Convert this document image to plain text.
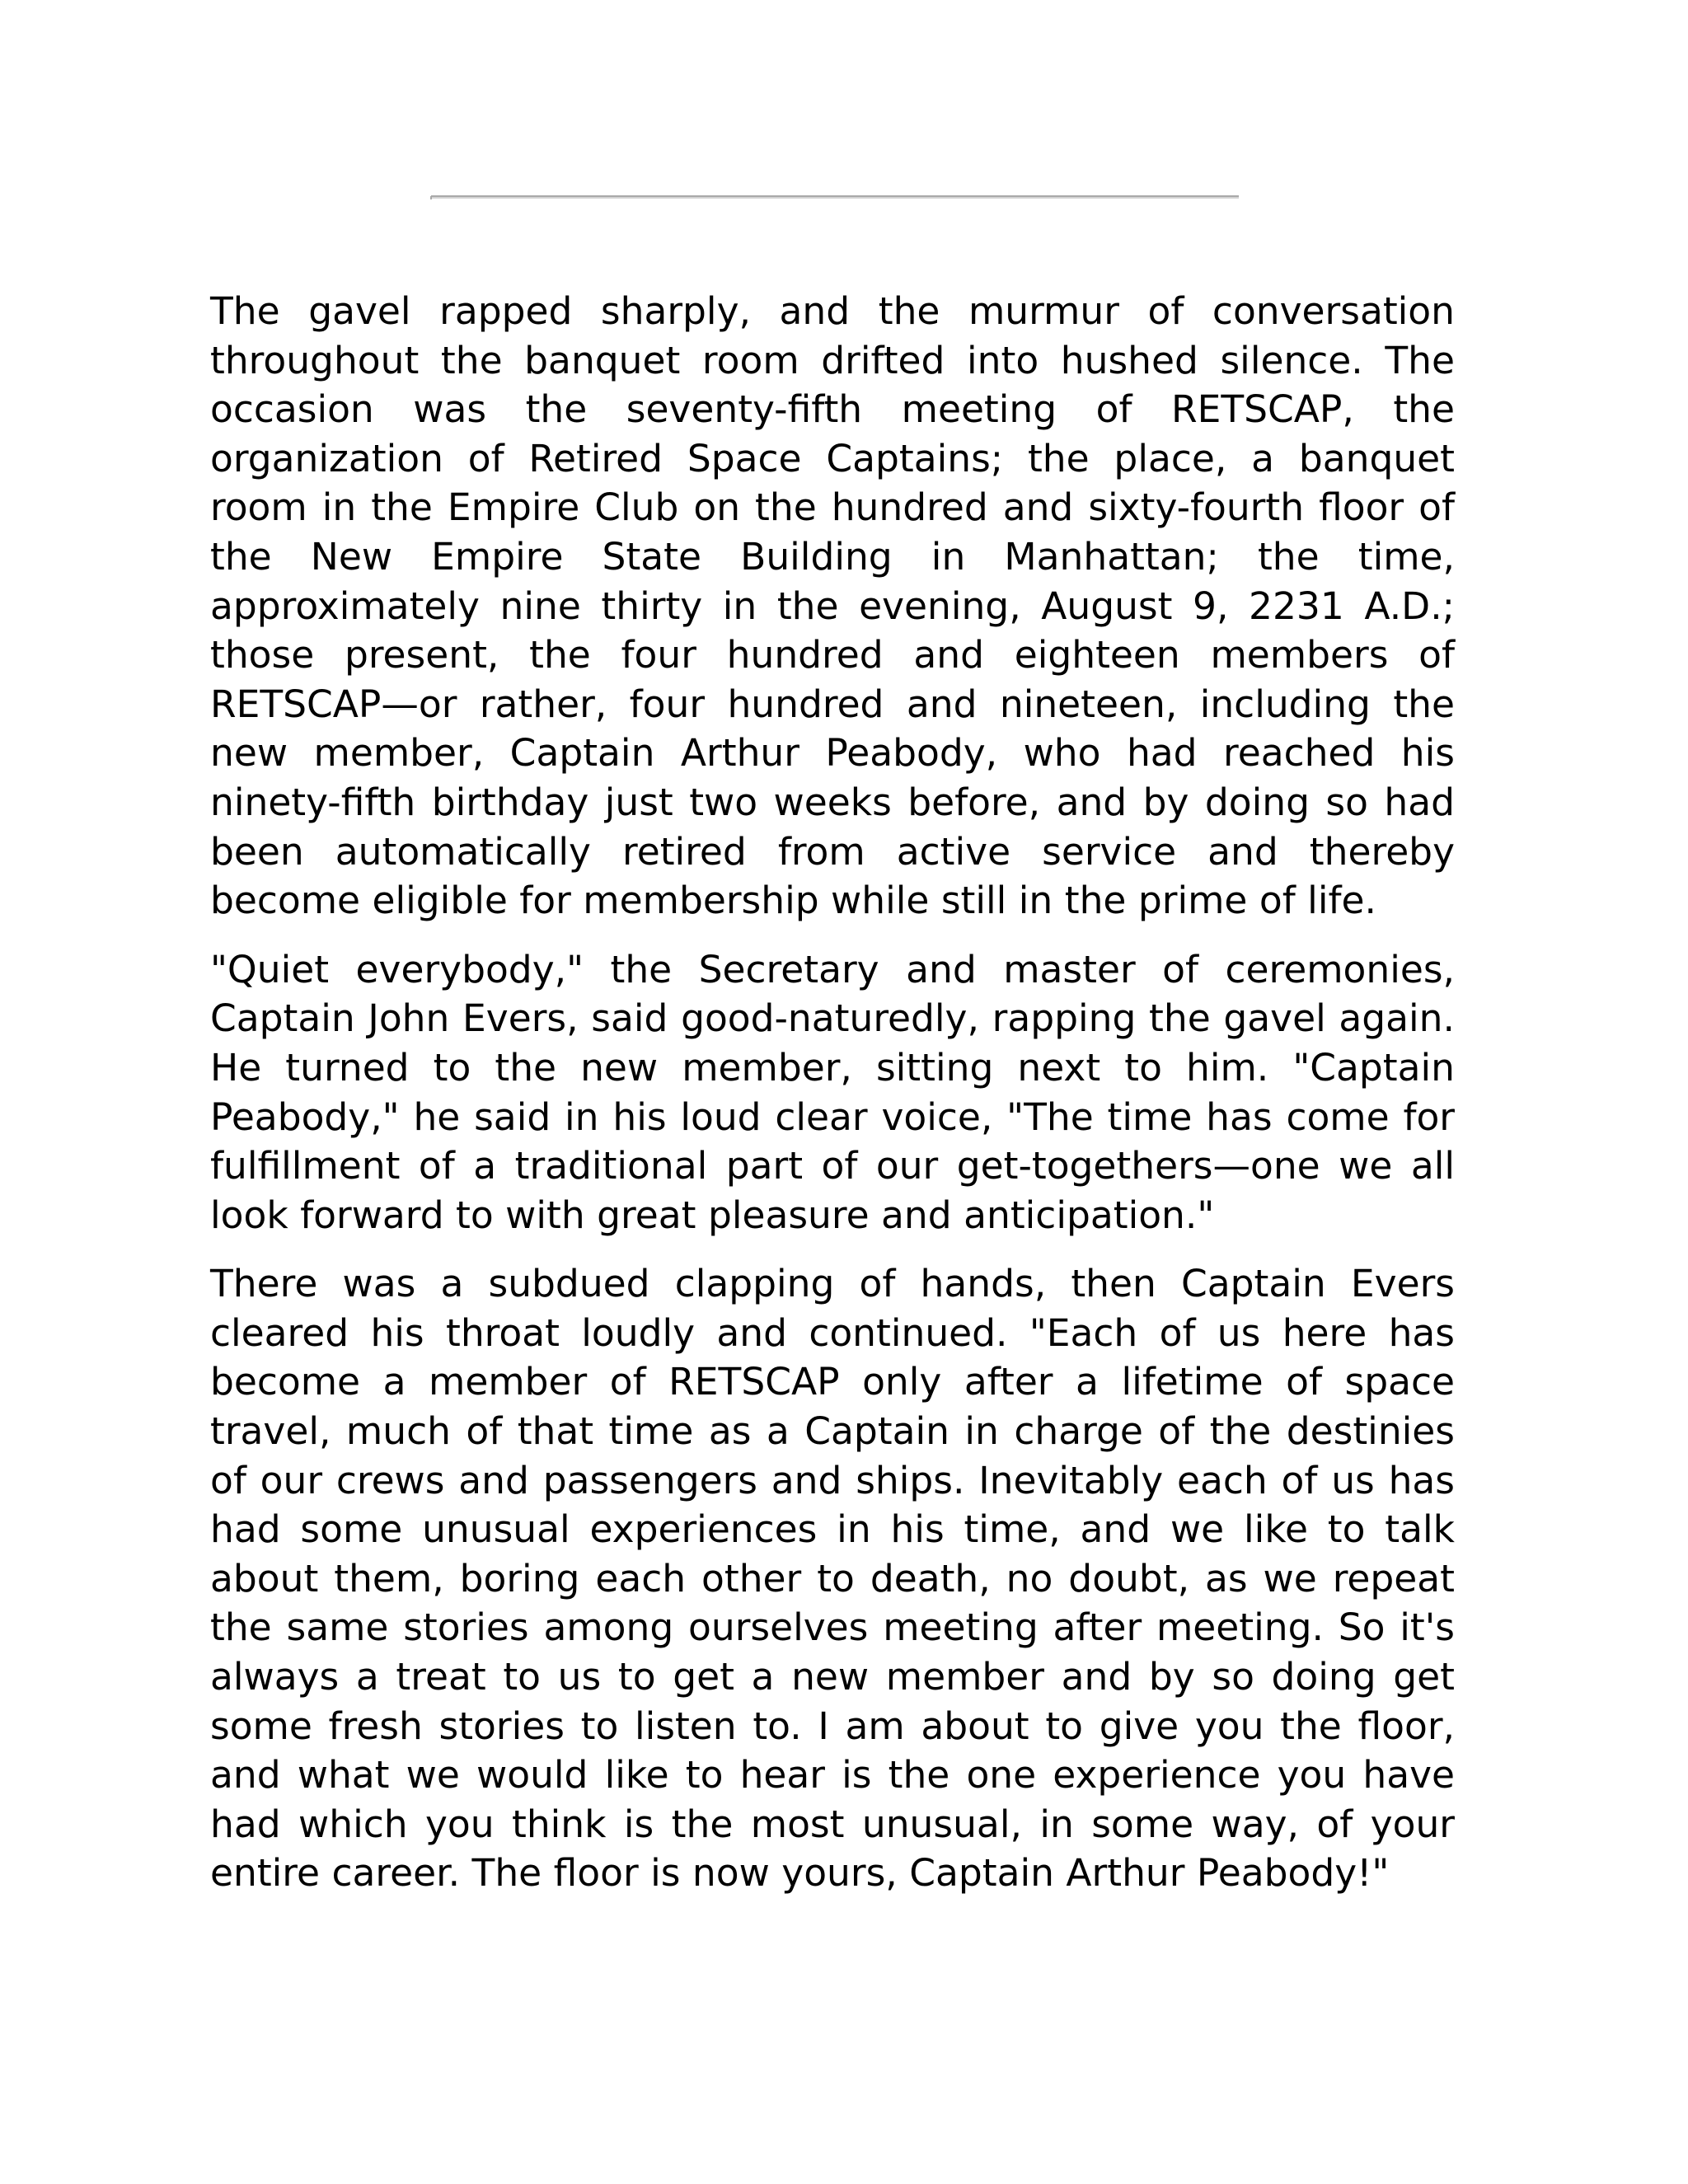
The gavel rapped sharply, and the murmur of conversation throughout the banquet room drifted into hushed silence. The occasion was the seventy-fifth meeting of RETSCAP, the organization of Retired Space Captains; the place, a banquet room in the Empire Club on the hundred and sixty-fourth floor of the New Empire State Building in Manhattan; the time, approximately nine thirty in the evening, August 9, 2231 A.D.; those present, the four hundred and eighteen members of RETSCAP—or rather, four hundred and nineteen, including the new member, Captain Arthur Peabody, who had reached his ninety-fifth birthday just two weeks before, and by doing so had been automatically retired from active service and thereby become eligible for membership while still in the prime of life.

"Quiet everybody," the Secretary and master of ceremonies, Captain John Evers, said good-naturedly, rapping the gavel again. He turned to the new member, sitting next to him. "Captain Peabody," he said in his loud clear voice, "The time has come for fulfillment of a traditional part of our get-togethers—one we all look forward to with great pleasure and anticipation."

There was a subdued clapping of hands, then Captain Evers cleared his throat loudly and continued. "Each of us here has become a member of RETSCAP only after a lifetime of space travel, much of that time as a Captain in charge of the destinies of our crews and passengers and ships. Inevitably each of us has had some unusual experiences in his time, and we like to talk about them, boring each other to death, no doubt, as we repeat the same stories among ourselves meeting after meeting. So it's always a treat to us to get a new member and by so doing get some fresh stories to listen to. I am about to give you the floor, and what we would like to hear is the one experience you have had which you think is the most unusual, in some way, of your entire career. The floor is now yours, Captain Arthur Peabody!"
